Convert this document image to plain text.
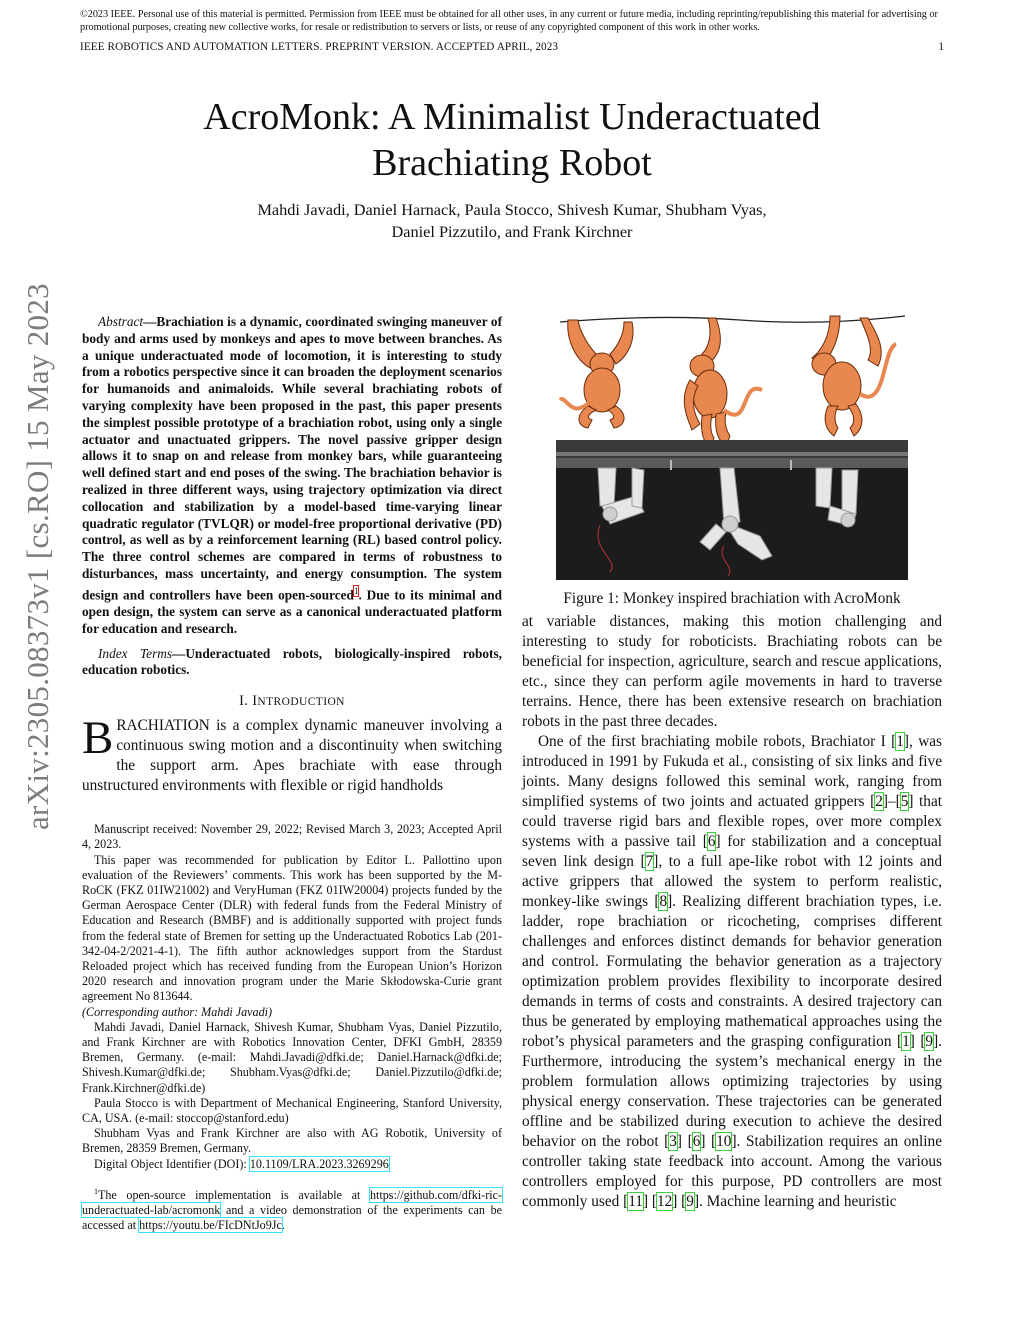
©2023 IEEE. Personal use of this material is permitted. Permission from IEEE must be obtained for all other uses, in any current or future media, including reprinting/republishing this material for advertising or promotional purposes, creating new collective works, for resale or redistribution to servers or lists, or reuse of any copyrighted component of this work in other works.
IEEE ROBOTICS AND AUTOMATION LETTERS. PREPRINT VERSION. ACCEPTED APRIL, 2023	1
AcroMonk: A Minimalist Underactuated
Brachiating Robot
Mahdi Javadi, Daniel Harnack, Paula Stocco, Shivesh Kumar, Shubham Vyas,
Daniel Pizzutilo, and Frank Kirchner
arXiv:2305.08373v1 [cs.RO] 15 May 2023	Abstract—Brachiation is a dynamic, coordinated swinging maneuver of body and arms used by monkeys and apes to move between branches. As a unique underactuated mode of locomotion, it is interesting to study from a robotics perspective since it can broaden the deployment scenarios for humanoids and animaloids. While several brachiating robots of varying complexity have been proposed in the past, this paper presents the simplest possible prototype of a brachiation robot, using only a single actuator and unactuated grippers. The novel passive gripper design allows it to snap on and release from monkey bars, while guaranteeing well defined start and end poses of the swing. The brachiation behavior is realized in three different ways, using trajectory optimization via direct collocation and stabilization by a model-based time-varying linear quadratic regulator (TVLQR) or model-free proportional derivative (PD) control, as well as by a reinforcement learning (RL) based control policy. The three control schemes are compared in terms of robustness to disturbances, mass uncertainty, and energy consumption. The system design and controllers have been open-sourced$^1$. Due to its minimal and open design, the system can serve as a canonical underactuated platform for education and research.

Index Terms—Underactuated robots, biologically-inspired robots, education robotics.

I. INTRODUCTION

BRACHIATION is a complex dynamic maneuver involving a continuous swing motion and a discontinuity when switching the support arm. Apes brachiate with ease through unstructured environments with flexible or rigid handholds

Manuscript received: November 29, 2022; Revised March 3, 2023; Accepted April 4, 2023.

This paper was recommended for publication by Editor L. Pallottino upon evaluation of the Reviewers’ comments. This work has been supported by the M-RoCK (FKZ 01IW21002) and VeryHuman (FKZ 01IW20004) projects funded by the German Aerospace Center (DLR) with federal funds from the Federal Ministry of Education and Research (BMBF) and is additionally supported with project funds from the federal state of Bremen for setting up the Underactuated Robotics Lab (201-342-04-2/2021-4-1). The fifth author acknowledges support from the Stardust Reloaded project which has received funding from the European Union’s Horizon 2020 research and innovation program under the Marie Skłodowska-Curie grant agreement No 813644.

(Corresponding author: Mahdi Javadi)

Mahdi Javadi, Daniel Harnack, Shivesh Kumar, Shubham Vyas, Daniel Pizzutilo, and Frank Kirchner are with Robotics Innovation Center, DFKI GmbH, 28359 Bremen, Germany. (e-mail: Mahdi.Javadi@dfki.de; Daniel.Harnack@dfki.de; Shivesh.Kumar@dfki.de; Shubham.Vyas@dfki.de; Daniel.Pizzutilo@dfki.de; Frank.Kirchner@dfki.de)

Paula Stocco is with Department of Mechanical Engineering, Stanford University, CA, USA. (e-mail: stoccop@stanford.edu)

Shubham Vyas and Frank Kirchner are also with AG Robotik, University of Bremen, 28359 Bremen, Germany.

Digital Object Identifier (DOI): 10.1109/LRA.2023.3269296

$^1$The open-source implementation is available at https://github.com/dfki-ric-underactuated-lab/acromonk and a video demonstration of the experiments can be accessed at https://youtu.be/FIcDNtJo9Jc.

Figure 1: Monkey inspired brachiation with AcroMonk

at variable distances, making this motion challenging and interesting to study for roboticists. Brachiating robots can be beneficial for inspection, agriculture, search and rescue applications, etc., since they can perform agile movements in hard to traverse terrains. Hence, there has been extensive research on brachiation robots in the past three decades.

One of the first brachiating mobile robots, Brachiator I [1], was introduced in 1991 by Fukuda et al., consisting of six links and five joints. Many designs followed this seminal work, ranging from simplified systems of two joints and actuated grippers [2]–[5] that could traverse rigid bars and flexible ropes, over more complex systems with a passive tail [6] for stabilization and a conceptual seven link design [7], to a full ape-like robot with 12 joints and active grippers that allowed the system to perform realistic, monkey-like swings [8]. Realizing different brachiation types, i.e. ladder, rope brachiation or ricocheting, comprises different challenges and enforces distinct demands for behavior generation and control. Formulating the behavior generation as a trajectory optimization problem provides flexibility to incorporate desired demands in terms of costs and constraints. A desired trajectory can thus be generated by employing mathematical approaches using the robot’s physical parameters and the grasping configuration [1] [9]. Furthermore, introducing the system’s mechanical energy in the problem formulation allows optimizing trajectories by using physical energy conservation. These trajectories can be generated offline and be stabilized during execution to achieve the desired behavior on the robot [3] [6] [10]. Stabilization requires an online controller taking state feedback into account. Among the various controllers employed for this purpose, PD controllers are most commonly used [11] [12] [9]. Machine learning and heuristic
